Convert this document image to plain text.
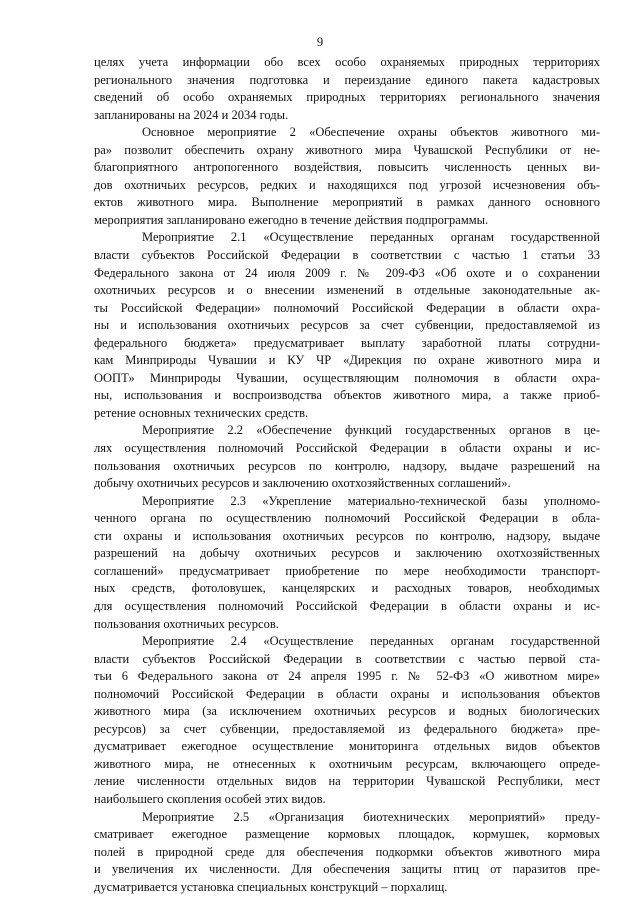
9
целях учета информации обо всех особо охраняемых природных территориях
регионального значения подготовка и переиздание единого пакета кадастровых
сведений об особо охраняемых природных территориях регионального значения
запланированы на 2024 и 2034 годы.
Основное мероприятие 2 «Обеспечение охраны объектов животного ми-
ра» позволит обеспечить охрану животного мира Чувашской Республики от не-
благоприятного антропогенного воздействия, повысить численность ценных ви-
дов охотничьих ресурсов, редких и находящихся под угрозой исчезновения объ-
ектов животного мира. Выполнение мероприятий в рамках данного основного
мероприятия запланировано ежегодно в течение действия подпрограммы.
Мероприятие 2.1 «Осуществление переданных органам государственной
власти субъектов Российской Федерации в соответствии с частью 1 статьи 33
Федерального закона от 24 июля 2009 г. № 209-ФЗ «Об охоте и о сохранении
охотничьих ресурсов и о внесении изменений в отдельные законодательные ак-
ты Российской Федерации» полномочий Российской Федерации в области охра-
ны и использования охотничьих ресурсов за счет субвенции, предоставляемой из
федерального бюджета» предусматривает выплату заработной платы сотрудни-
кам Минприроды Чувашии и КУ ЧР «Дирекция по охране животного мира и
ООПТ» Минприроды Чувашии, осуществляющим полномочия в области охра-
ны, использования и воспроизводства объектов животного мира, а также приоб-
ретение основных технических средств.
Мероприятие 2.2 «Обеспечение функций государственных органов в це-
лях осуществления полномочий Российской Федерации в области охраны и ис-
пользования охотничьих ресурсов по контролю, надзору, выдаче разрешений на
добычу охотничьих ресурсов и заключению охотхозяйственных соглашений».
Мероприятие 2.3 «Укрепление материально-технической базы уполномо-
ченного органа по осуществлению полномочий Российской Федерации в обла-
сти охраны и использования охотничьих ресурсов по контролю, надзору, выдаче
разрешений на добычу охотничьих ресурсов и заключению охотхозяйственных
соглашений» предусматривает приобретение по мере необходимости транспорт-
ных средств, фотоловушек, канцелярских и расходных товаров, необходимых
для осуществления полномочий Российской Федерации в области охраны и ис-
пользования охотничьих ресурсов.
Мероприятие 2.4 «Осуществление переданных органам государственной
власти субъектов Российской Федерации в соответствии с частью первой ста-
тьи 6 Федерального закона от 24 апреля 1995 г. № 52-ФЗ «О животном мире»
полномочий Российской Федерации в области охраны и использования объектов
животного мира (за исключением охотничьих ресурсов и водных биологических
ресурсов) за счет субвенции, предоставляемой из федерального бюджета» пре-
дусматривает ежегодное осуществление мониторинга отдельных видов объектов
животного мира, не отнесенных к охотничьим ресурсам, включающего опреде-
ление численности отдельных видов на территории Чувашской Республики, мест
наибольшего скопления особей этих видов.
Мероприятие 2.5 «Организация биотехнических мероприятий» преду-
сматривает ежегодное размещение кормовых площадок, кормушек, кормовых
полей в природной среде для обеспечения подкормки объектов животного мира
и увеличения их численности. Для обеспечения защиты птиц от паразитов пре-
дусматривается установка специальных конструкций – порхалищ.
